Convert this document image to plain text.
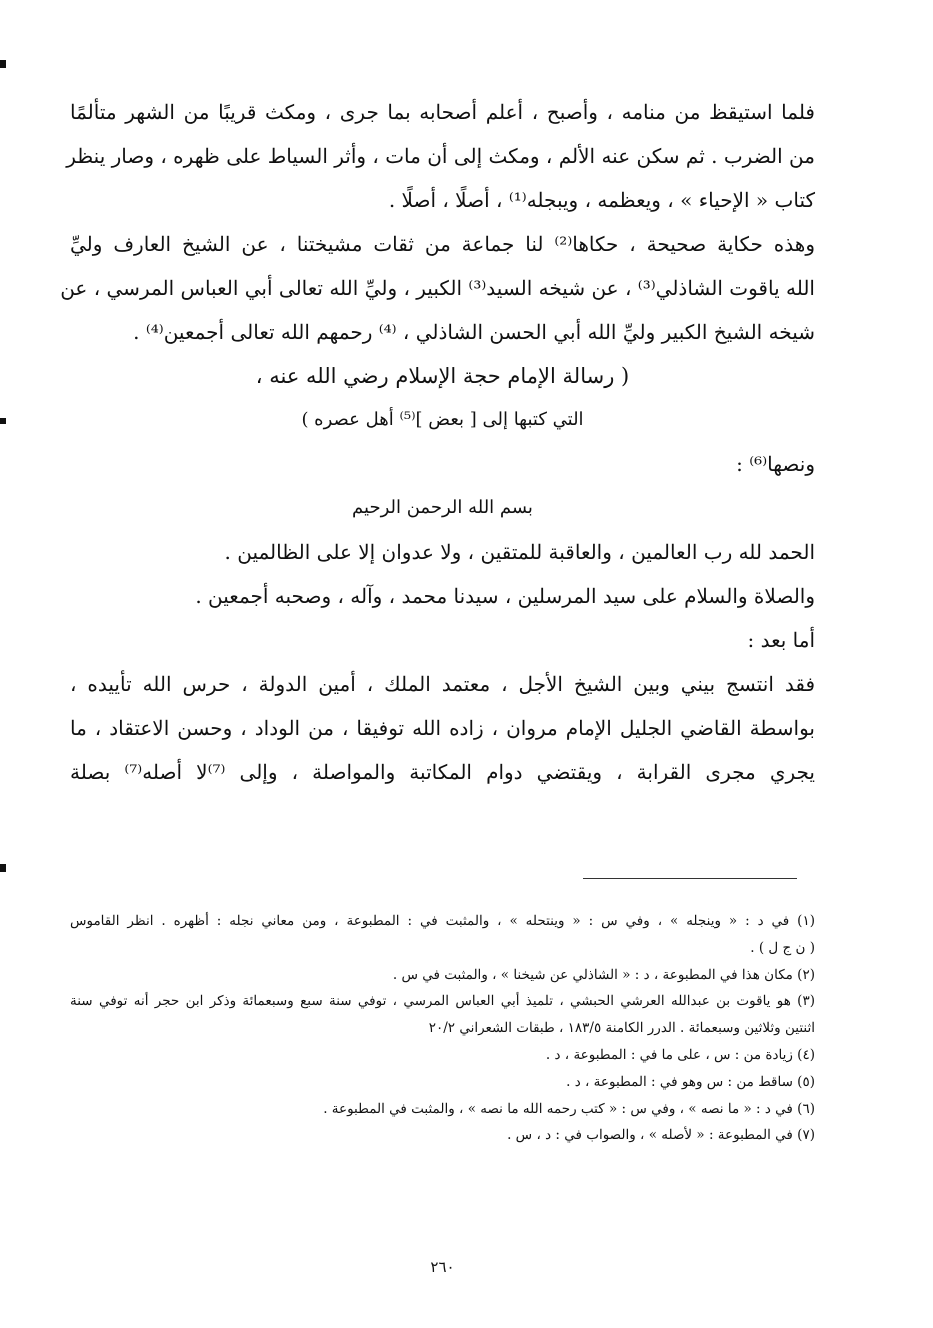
فلما استيقظ من منامه ، وأصبح ، أعلم أصحابه بما جرى ، ومكث قريبًا من الشهر متألمًا

من الضرب . ثم سكن عنه الألم ، ومكث إلى أن مات ، وأثر السياط على ظهره ، وصار ينظر

كتاب « الإحياء » ، ويعظمه ، ويبجله⁽¹⁾ ، أصلًا ، أصلًا .

وهذه حكاية صحيحة ، حكاها⁽²⁾ لنا جماعة من ثقات مشيختنا ، عن الشيخ العارف وليِّ

الله ياقوت الشاذلي⁽³⁾ ، عن شيخه السيد⁽³⁾ الكبير ، وليِّ الله تعالى أبي العباس المرسي ، عن

شيخه الشيخ الكبير وليِّ الله أبي الحسن الشاذلي ، ⁽⁴⁾ رحمهم الله تعالى أجمعين⁽⁴⁾ .

( رسالة الإمام حجة الإسلام رضي الله عنه ،

التي كتبها إلى [ بعض ]⁽⁵⁾ أهل عصره )

ونصها⁽⁶⁾ :

بسم الله الرحمن الرحيم

الحمد لله رب العالمين ، والعاقبة للمتقين ، ولا عدوان إلا على الظالمين .

والصلاة والسلام على سيد المرسلين ، سيدنا محمد ، وآله ، وصحبه أجمعين .

أما بعد :

فقد انتسج بيني وبين الشيخ الأجل ، معتمد الملك ، أمين الدولة ، حرس الله تأييده ،

بواسطة القاضي الجليل الإمام مروان ، زاده الله توفيقا ، من الوداد ، وحسن الاعتقاد ، ما

يجري مجرى القرابة ، ويقتضي دوام المكاتبة والمواصلة ، وإلى ⁽⁷⁾لا أصله⁽⁷⁾ بصلة

(١) في د : « وينجله » ، وفي س : « وينتحله » ، والمثبت في : المطبوعة ، ومن معاني نجله : أظهره . انظر القاموس

( ن ج ل ) .

(٢) مكان هذا في المطبوعة ، د : « الشاذلي عن شيخنا » ، والمثبت في س .

(٣) هو ياقوت بن عبدالله العرشي الحبشي ، تلميذ أبي العباس المرسي ، توفي سنة سبع وسبعمائة وذكر ابن حجر أنه توفي سنة

اثنتين وثلاثين وسبعمائة . الدرر الكامنة ١٨٣/٥ ، طبقات الشعراني ٢٠/٢

(٤) زيادة من : س ، على ما في : المطبوعة ، د .

(٥) ساقط من : س وهو في : المطبوعة ، د .

(٦) في د : « ما نصه » ، وفي س : « كتب رحمه الله ما نصه » ، والمثبت في المطبوعة .

(٧) في المطبوعة : « لأصله » ، والصواب في : د ، س .

٢٦٠
